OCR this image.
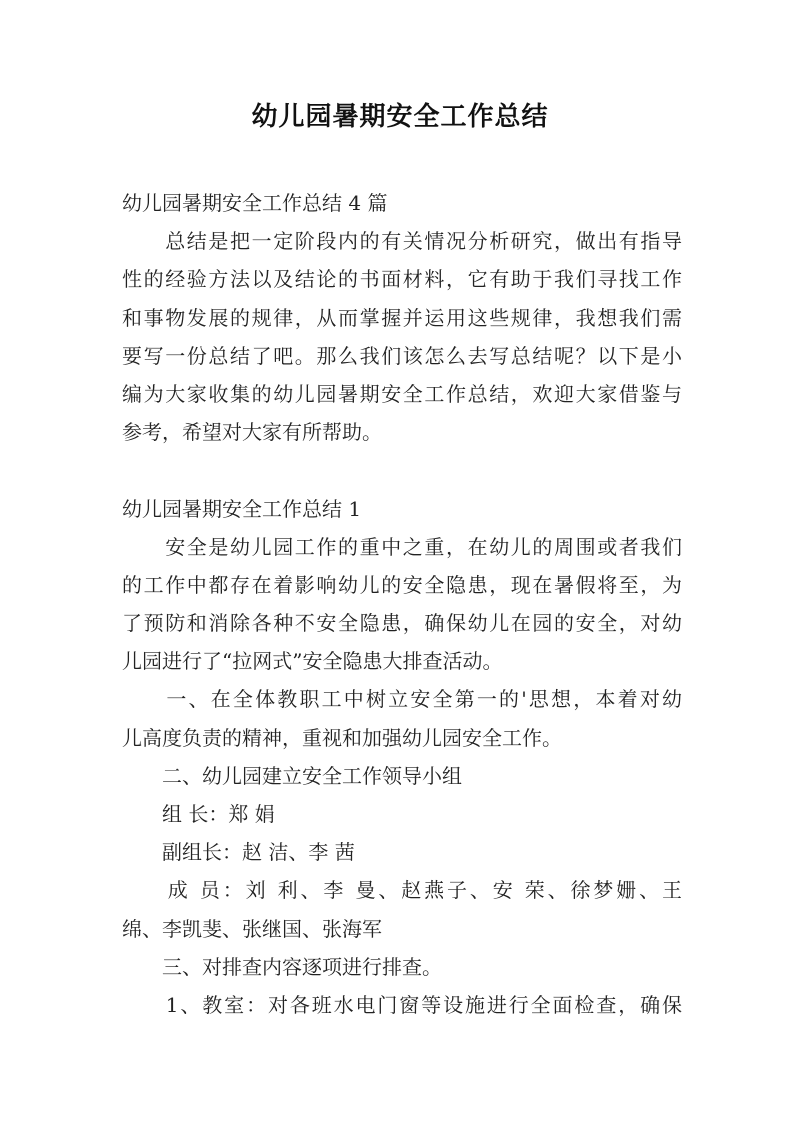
幼儿园暑期安全工作总结
幼儿园暑期安全工作总结 4 篇
　　总结是把一定阶段内的有关情况分析研究，做出有指导
性的经验方法以及结论的书面材料，它有助于我们寻找工作
和事物发展的规律，从而掌握并运用这些规律，我想我们需
要写一份总结了吧。那么我们该怎么去写总结呢？以下是小
编为大家收集的幼儿园暑期安全工作总结，欢迎大家借鉴与
参考，希望对大家有所帮助。
幼儿园暑期安全工作总结 1
　　安全是幼儿园工作的重中之重，在幼儿的周围或者我们
的工作中都存在着影响幼儿的安全隐患，现在暑假将至，为
了预防和消除各种不安全隐患，确保幼儿在园的安全，对幼
儿园进行了“拉网式”安全隐患大排查活动。
　　一、在全体教职工中树立安全第一的'思想，本着对幼
儿高度负责的精神，重视和加强幼儿园安全工作。
　　二、幼儿园建立安全工作领导小组
　　组 长：郑 娟
　　副组长：赵 洁、李 茜
　　成 员：刘 利、李 曼、赵燕子、安 荣、徐梦姗、王
绵、李凯斐、张继国、张海军
　　三、对排查内容逐项进行排查。
　　1、教室：对各班水电门窗等设施进行全面检查，确保
